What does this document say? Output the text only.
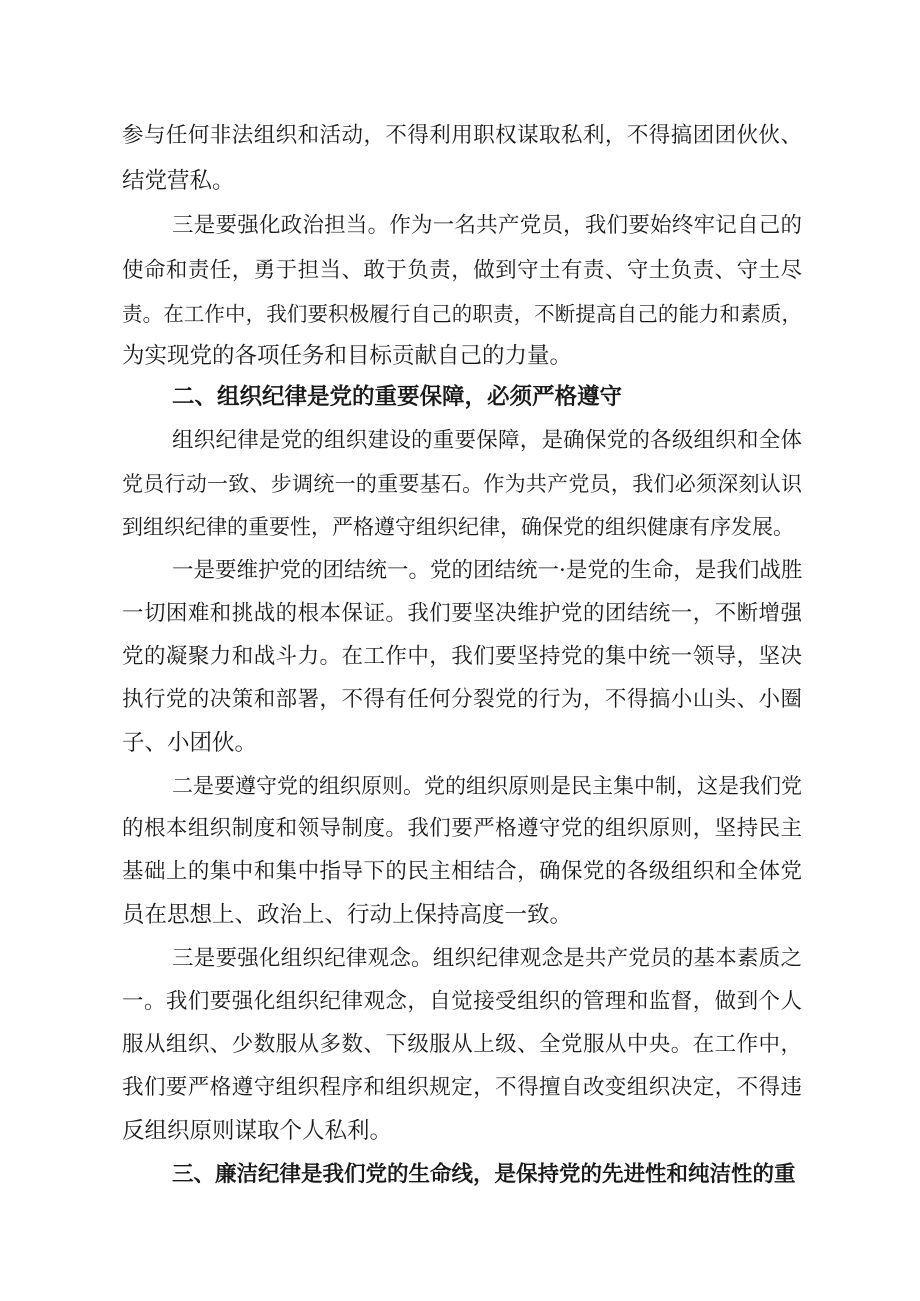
参与任何非法组织和活动，不得利用职权谋取私利，不得搞团团伙伙、
结党营私。
三是要强化政治担当。作为一名共产党员，我们要始终牢记自己的
使命和责任，勇于担当、敢于负责，做到守土有责、守土负责、守土尽
责。在工作中，我们要积极履行自己的职责，不断提高自己的能力和素质，
为实现党的各项任务和目标贡献自己的力量。
二、组织纪律是党的重要保障，必须严格遵守
组织纪律是党的组织建设的重要保障，是确保党的各级组织和全体
党员行动一致、步调统一的重要基石。作为共产党员，我们必须深刻认识
到组织纪律的重要性，严格遵守组织纪律，确保党的组织健康有序发展。
一是要维护党的团结统一。党的团结统一·是党的生命，是我们战胜
一切困难和挑战的根本保证。我们要坚决维护党的团结统一，不断增强
党的凝聚力和战斗力。在工作中，我们要坚持党的集中统一领导，坚决
执行党的决策和部署，不得有任何分裂党的行为，不得搞小山头、小圈
子、小团伙。
二是要遵守党的组织原则。党的组织原则是民主集中制，这是我们党
的根本组织制度和领导制度。我们要严格遵守党的组织原则，坚持民主
基础上的集中和集中指导下的民主相结合，确保党的各级组织和全体党
员在思想上、政治上、行动上保持高度一致。
三是要强化组织纪律观念。组织纪律观念是共产党员的基本素质之
一。我们要强化组织纪律观念，自觉接受组织的管理和监督，做到个人
服从组织、少数服从多数、下级服从上级、全党服从中央。在工作中，
我们要严格遵守组织程序和组织规定，不得擅自改变组织决定，不得违
反组织原则谋取个人私利。
三、廉洁纪律是我们党的生命线，是保持党的先进性和纯洁性的重
